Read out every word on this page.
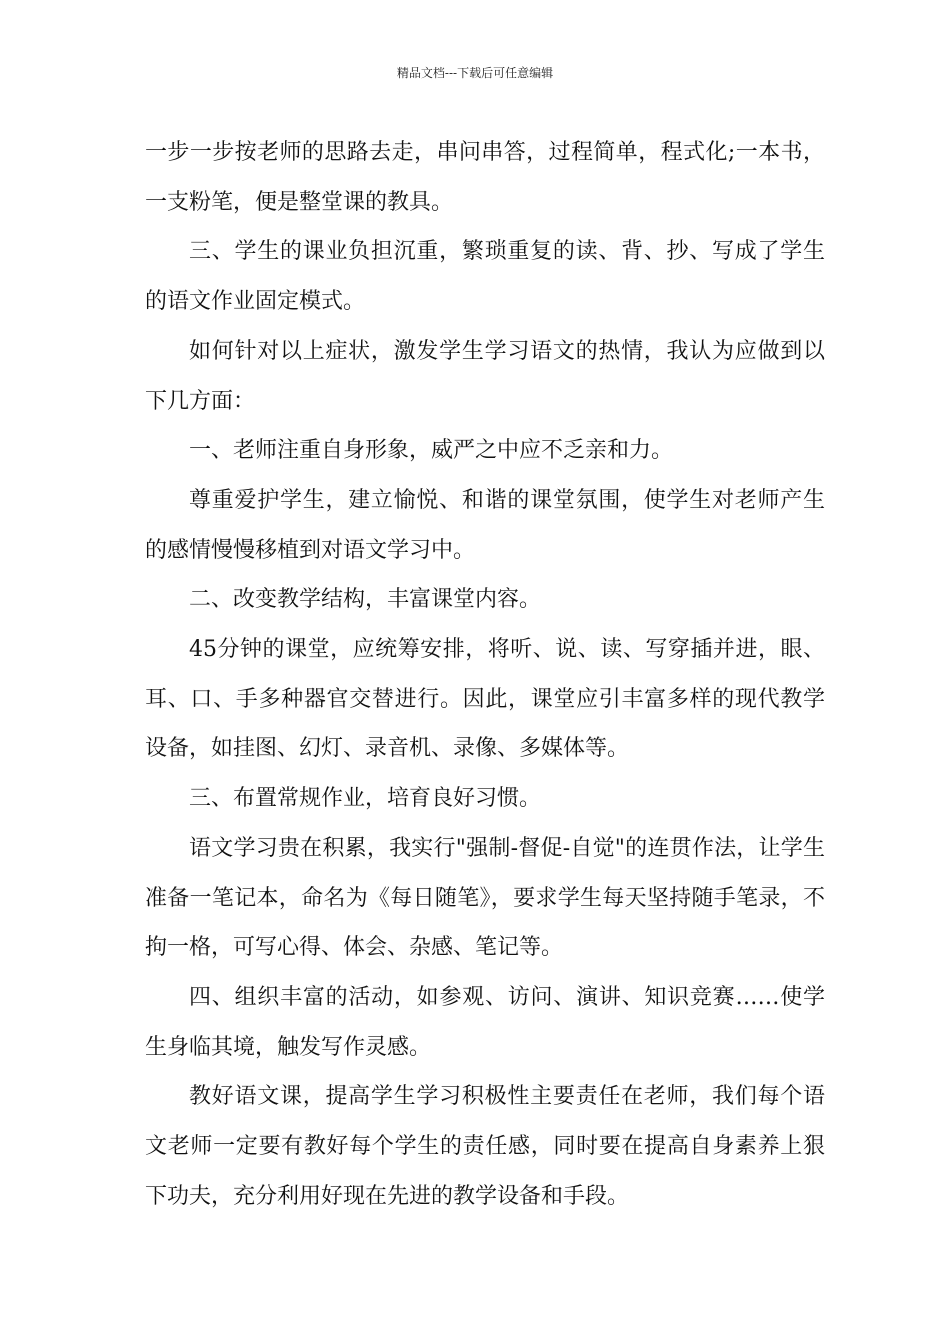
精品文档---下载后可任意编辑

一步一步按老师的思路去走，串问串答，过程简单，程式化;一本书，一支粉笔，便是整堂课的教具。

三、学生的课业负担沉重，繁琐重复的读、背、抄、写成了学生的语文作业固定模式。

如何针对以上症状，激发学生学习语文的热情，我认为应做到以下几方面：

一、老师注重自身形象，威严之中应不乏亲和力。

尊重爱护学生，建立愉悦、和谐的课堂氛围，使学生对老师产生的感情慢慢移植到对语文学习中。

二、改变教学结构，丰富课堂内容。

45分钟的课堂，应统筹安排，将听、说、读、写穿插并进，眼、耳、口、手多种器官交替进行。因此，课堂应引丰富多样的现代教学设备，如挂图、幻灯、录音机、录像、多媒体等。

三、布置常规作业，培育良好习惯。

语文学习贵在积累，我实行"强制-督促-自觉"的连贯作法，让学生准备一笔记本，命名为《每日随笔》，要求学生每天坚持随手笔录，不拘一格，可写心得、体会、杂感、笔记等。

四、组织丰富的活动，如参观、访问、演讲、知识竞赛……使学生身临其境，触发写作灵感。

教好语文课，提高学生学习积极性主要责任在老师，我们每个语文老师一定要有教好每个学生的责任感，同时要在提高自身素养上狠下功夫，充分利用好现在先进的教学设备和手段。
